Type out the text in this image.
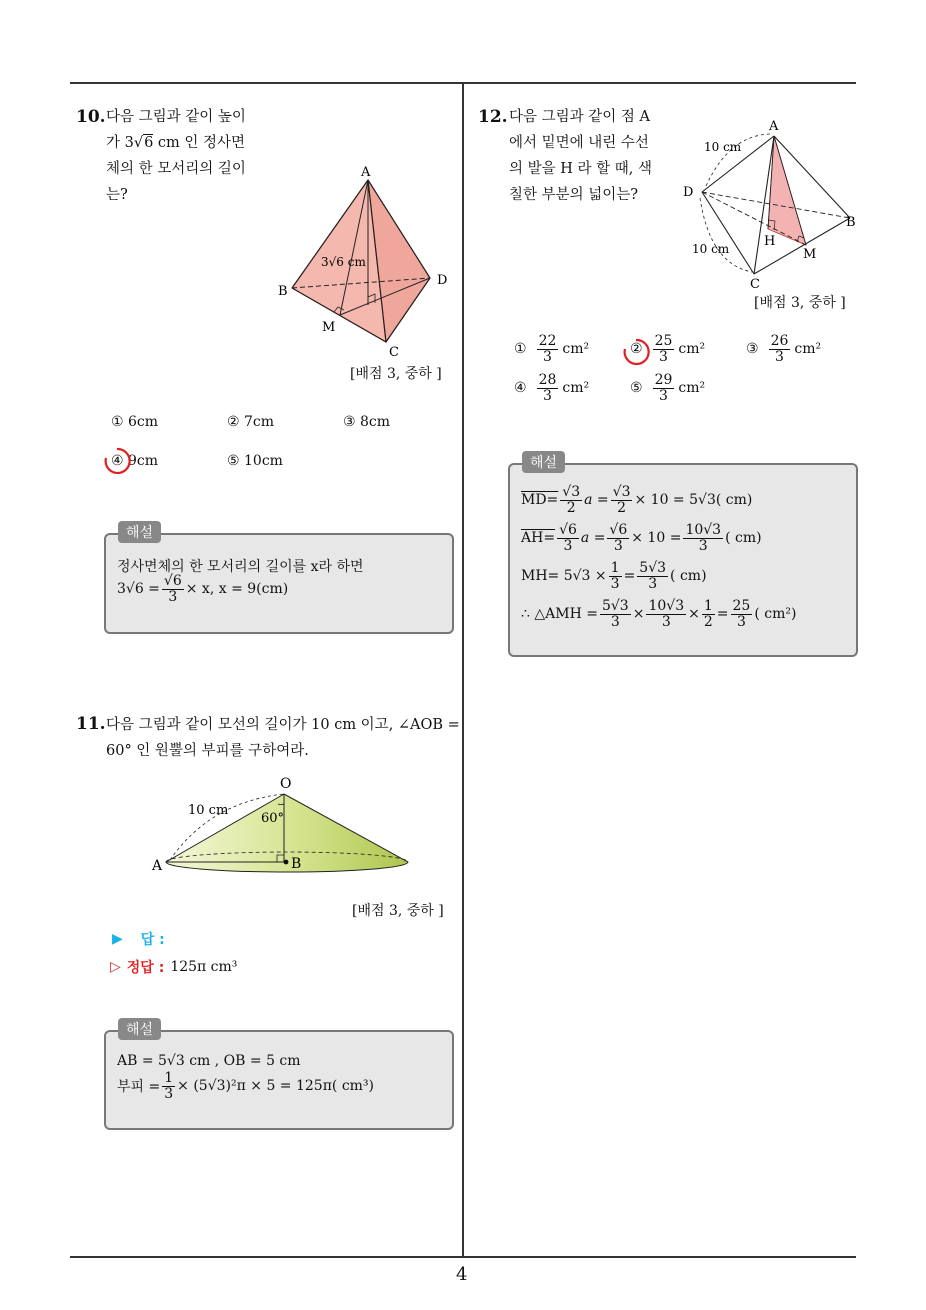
4
10. 다음 그림과 같이 높이
가 3√6 cm 인 정사면
체의 한 모서리의 길이
는?
A
B
C
D
M
3√6 cm
[배점 3, 중하 ]
① 6cm	② 7cm	③ 8cm
④ 9cm	⑤ 10cm
해설
정사면체의 한 모서리의 길이를 x라 하면
$3√6 = \frac{√6}{3} \times x$, x = 9(cm)
11. 다음 그림과 같이 모선의 길이가 10 cm 이고, ∠AOB =
60° 인 원뿔의 부피를 구하여라.
O
A	B
10 cm
60°
[배점 3, 중하 ]
▶ 답 :
▷ 정답 : 125π cm³
해설
AB = 5√3 cm , OB = 5 cm
부피 = $\frac{1}{3} \times (5√3)^2\pi \times 5 = 125\pi$( cm³)
12. 다음 그림과 같이 점 A
에서 밑면에 내린 수선
의 발을 H 라 할 때, 색
칠한 부분의 넓이는?
A
B
C
D
H
M
10 cm
10 cm
[배점 3, 중하 ]
① $\frac{22}{3} cm^2$	② $\frac{25}{3} cm^2$	③ $\frac{26}{3} cm^2$
④ $\frac{28}{3} cm^2$	⑤ $\frac{29}{3} cm^2$
해설
$MD= \frac{√3}{2}$ $a = \frac{√3}{2} \times 10 = 5√3$( cm)
$AH= \frac{√6}{3}$ $a = \frac{√6}{3} \times 10 = \frac{10√3}{3}$ ( cm)
$MH= 5√3 \times \frac{1}{3} = \frac{5√3}{3}$ ( cm)
∴ △AMH = $\frac{5√3}{3} \times \frac{10√3}{3} \times \frac{1}{2} = \frac{25}{3}$ ( cm²)
